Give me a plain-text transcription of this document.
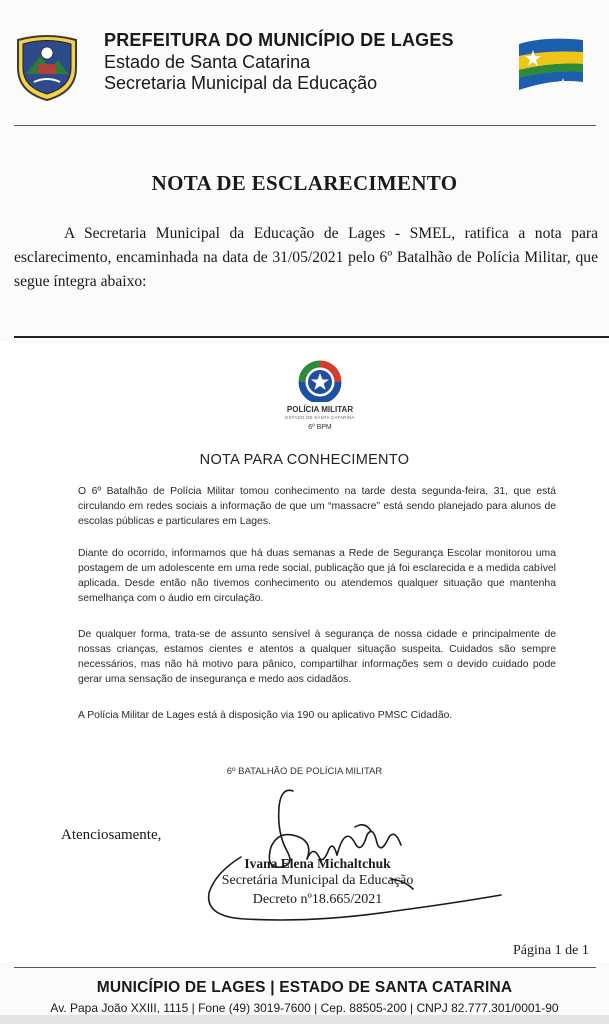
PREFEITURA DO MUNICÍPIO DE LAGES
Estado de Santa Catarina
Secretaria Municipal da Educação
NOTA DE ESCLARECIMENTO
A Secretaria Municipal da Educação de Lages - SMEL, ratifica a nota para esclarecimento, encaminhada na data de 31/05/2021 pelo 6º Batalhão de Polícia Militar, que segue íntegra abaixo:
POLÍCIA MILITAR
ESTADO DE SANTA CATARINA
6º BPM
NOTA PARA CONHECIMENTO
O 6º Batalhão de Polícia Militar tomou conhecimento na tarde desta segunda-feira, 31, que está circulando em redes sociais a informação de que um “massacre” está sendo planejado para alunos de escolas públicas e particulares em Lages.
Diante do ocorrido, informamos que há duas semanas a Rede de Segurança Escolar monitorou uma postagem de um adolescente em uma rede social, publicação que já foi esclarecida e a medida cabível aplicada. Desde então não tivemos conhecimento ou atendemos qualquer situação que mantenha semelhança com o áudio em circulação.
De qualquer forma, trata-se de assunto sensível à segurança de nossa cidade e principalmente de nossas crianças, estamos cientes e atentos a qualquer situação suspeita. Cuidados são sempre necessários, mas não há motivo para pânico, compartilhar informações sem o devido cuidado pode gerar uma sensação de insegurança e medo aos cidadãos.
A Polícia Militar de Lages está à disposição via 190 ou aplicativo PMSC Cidadão.
6º BATALHÃO DE POLÍCIA MILITAR
Atenciosamente,
Ivana Elena Michaltchuk
Secretária Municipal da Educação
Decreto nº18.665/2021
Página 1 de 1
MUNICÍPIO DE LAGES | ESTADO DE SANTA CATARINA
Av. Papa João XXIII, 1115 | Fone (49) 3019-7600 | Cep. 88505-200 | CNPJ 82.777.301/0001-90
